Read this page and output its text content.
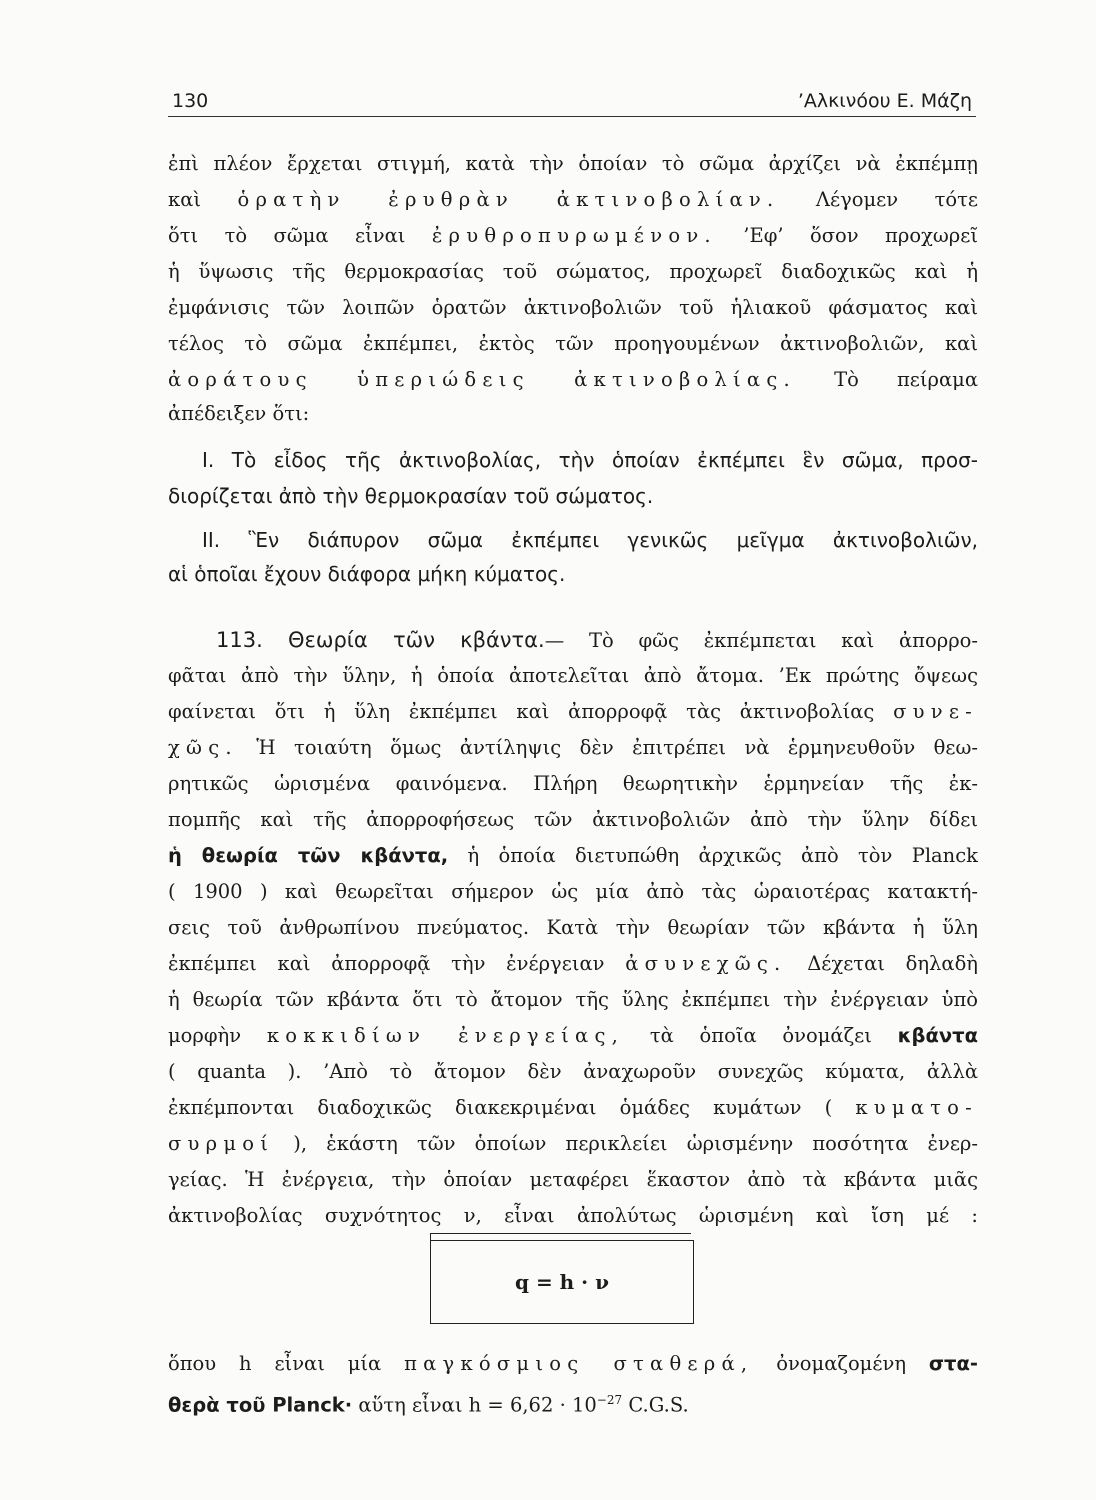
130	’Αλκινόου Ε. Μάζη
ἐπὶ πλέον ἔρχεται στιγμή, κατὰ τὴν ὁποίαν τὸ σῶμα ἀρχίζει νὰ ἐκπέμπῃ
καὶ ὁρατὴν ἐρυθρὰν ἀκτινοβολίαν. Λέγομεν τότε
ὅτι τὸ σῶμα εἶναι ἐρυθροπυρωμένον. ’Εφ’ ὅσον προχωρεῖ
ἡ ὕψωσις τῆς θερμοκρασίας τοῦ σώματος, προχωρεῖ διαδοχικῶς καὶ ἡ
ἐμφάνισις τῶν λοιπῶν ὁρατῶν ἀκτινοβολιῶν τοῦ ἡλιακοῦ φάσματος καὶ
τέλος τὸ σῶμα ἐκπέμπει, ἐκτὸς τῶν προηγουμένων ἀκτινοβολιῶν, καὶ
ἀοράτους ὑπεριώδεις ἀκτινοβολίας. Τὸ πείραμα
ἀπέδειξεν ὅτι:
I. Τὸ εἶδος τῆς ἀκτινοβολίας, τὴν ὁποίαν ἐκπέμπει ἓν σῶμα, προσ-
διορίζεται ἀπὸ τὴν θερμοκρασίαν τοῦ σώματος.
II. Ἓν διάπυρον σῶμα ἐκπέμπει γενικῶς μεῖγμα ἀκτινοβολιῶν,
αἱ ὁποῖαι ἔχουν διάφορα μήκη κύματος.
113. Θεωρία τῶν κβάντα.— Τὸ φῶς ἐκπέμπεται καὶ ἀπορρο-
φᾶται ἀπὸ τὴν ὕλην, ἡ ὁποία ἀποτελεῖται ἀπὸ ἄτομα. ’Εκ πρώτης ὄψεως
φαίνεται ὅτι ἡ ὕλη ἐκπέμπει καὶ ἀπορροφᾷ τὰς ἀκτινοβολίας συνε-
χῶς. Ἡ τοιαύτη ὅμως ἀντίληψις δὲν ἐπιτρέπει νὰ ἑρμηνευθοῦν θεω-
ρητικῶς ὡρισμένα φαινόμενα. Πλήρη θεωρητικὴν ἑρμηνείαν τῆς ἐκ-
πομπῆς καὶ τῆς ἀπορροφήσεως τῶν ἀκτινοβολιῶν ἀπὸ τὴν ὕλην δίδει
ἡ θεωρία τῶν κβάντα, ἡ ὁποία διετυπώθη ἀρχικῶς ἀπὸ τὸν Planck
( 1900 ) καὶ θεωρεῖται σήμερον ὡς μία ἀπὸ τὰς ὡραιοτέρας κατακτή-
σεις τοῦ ἀνθρωπίνου πνεύματος. Κατὰ τὴν θεωρίαν τῶν κβάντα ἡ ὕλη
ἐκπέμπει καὶ ἀπορροφᾷ τὴν ἐνέργειαν ἀσυνεχῶς. Δέχεται δηλαδὴ
ἡ θεωρία τῶν κβάντα ὅτι τὸ ἄτομον τῆς ὕλης ἐκπέμπει τὴν ἐνέργειαν ὑπὸ
μορφὴν κοκκιδίων ἐνεργείας, τὰ ὁποῖα ὀνομάζει κβάντα
( quanta ). ’Απὸ τὸ ἄτομον δὲν ἀναχωροῦν συνεχῶς κύματα, ἀλλὰ
ἐκπέμπονται διαδοχικῶς διακεκριμέναι ὁμάδες κυμάτων ( κυματο-
συρμοί ), ἑκάστη τῶν ὁποίων περικλείει ὡρισμένην ποσότητα ἐνερ-
γείας. Ἡ ἐνέργεια, τὴν ὁποίαν μεταφέρει ἕκαστον ἀπὸ τὰ κβάντα μιᾶς
ἀκτινοβολίας συχνότητος ν, εἶναι ἀπολύτως ὡρισμένη καὶ ἴση μέ :
q = h · ν
ὅπου h εἶναι μία παγκόσμιος σταθερά, ὀνομαζομένη στα-
θερὰ τοῦ Planck· αὕτη εἶναι $h = 6,62 \cdot 10^{-27}$ C.G.S.
